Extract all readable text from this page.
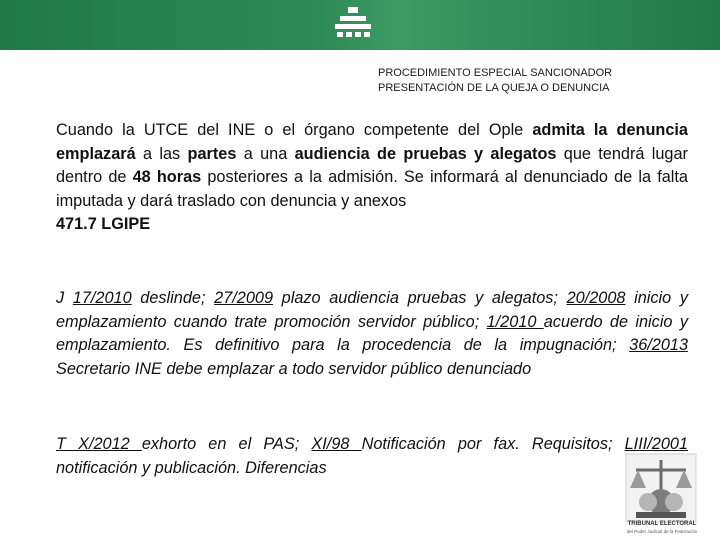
PROCEDIMIENTO ESPECIAL SANCIONADOR
PRESENTACIÓN DE LA QUEJA O DENUNCIA
Cuando la UTCE del INE o el órgano competente del Ople admita la denuncia emplazará a las partes a una audiencia de pruebas y alegatos que tendrá lugar dentro de 48 horas posteriores a la admisión. Se informará al denunciado de la falta imputada y dará traslado con denuncia y anexos
471.7 LGIPE
J 17/2010 deslinde; 27/2009 plazo audiencia pruebas y alegatos; 20/2008 inicio y emplazamiento cuando trate promoción servidor público; 1/2010 acuerdo de inicio y emplazamiento. Es definitivo para la procedencia de la impugnación; 36/2013 Secretario INE debe emplazar a todo servidor público denunciado
T X/2012 exhorto en el PAS; XI/98 Notificación por fax. Requisitos; LIII/2001 notificación y publicación. Diferencias
TRIBUNAL ELECTORAL
del Poder Judicial de la Federación
